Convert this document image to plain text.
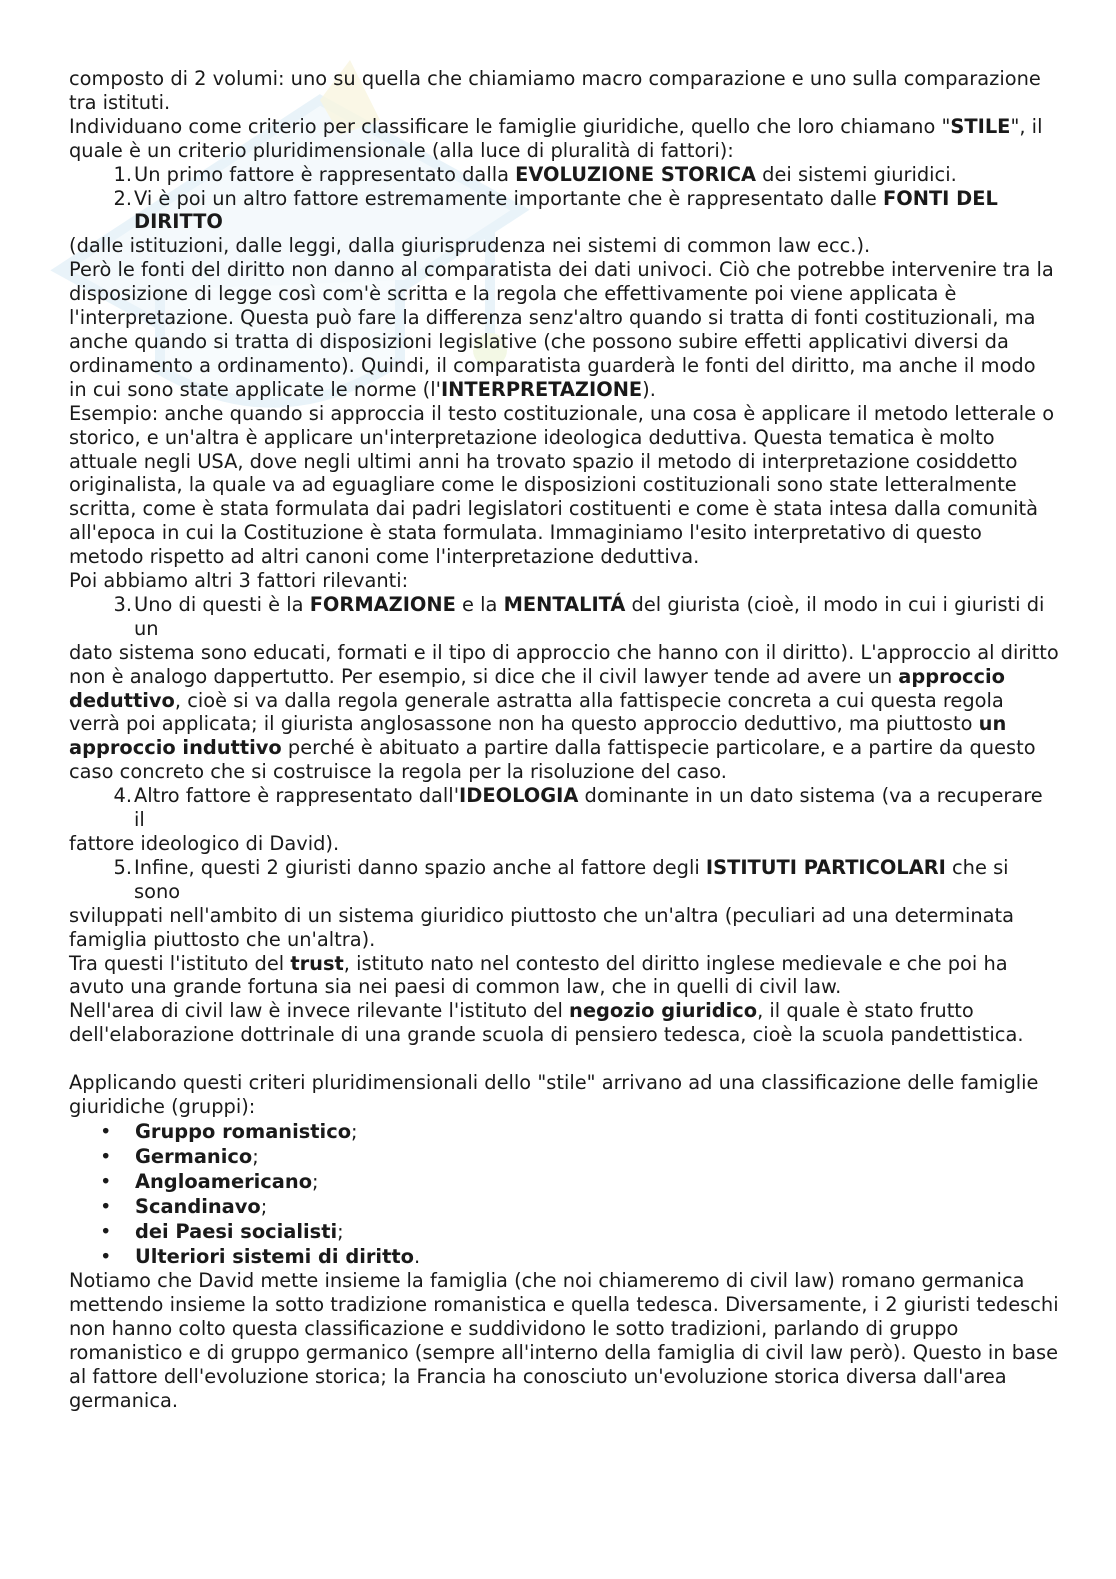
composto di 2 volumi: uno su quella che chiamiamo macro comparazione e uno sulla comparazione tra istituti.

Individuano come criterio per classificare le famiglie giuridiche, quello che loro chiamano "STILE", il quale è un criterio pluridimensionale (alla luce di pluralità di fattori):

1. Un primo fattore è rappresentato dalla EVOLUZIONE STORICA dei sistemi giuridici.
2. Vi è poi un altro fattore estremamente importante che è rappresentato dalle FONTI DEL DIRITTO

(dalle istituzioni, dalle leggi, dalla giurisprudenza nei sistemi di common law ecc.).

Però le fonti del diritto non danno al comparatista dei dati univoci. Ciò che potrebbe intervenire tra la disposizione di legge così com'è scritta e la regola che effettivamente poi viene applicata è l'interpretazione. Questa può fare la differenza senz'altro quando si tratta di fonti costituzionali, ma anche quando si tratta di disposizioni legislative (che possono subire effetti applicativi diversi da ordinamento a ordinamento). Quindi, il comparatista guarderà le fonti del diritto, ma anche il modo in cui sono state applicate le norme (l'INTERPRETAZIONE).

Esempio: anche quando si approccia il testo costituzionale, una cosa è applicare il metodo letterale o storico, e un'altra è applicare un'interpretazione ideologica deduttiva. Questa tematica è molto attuale negli USA, dove negli ultimi anni ha trovato spazio il metodo di interpretazione cosiddetto originalista, la quale va ad eguagliare come le disposizioni costituzionali sono state letteralmente scritta, come è stata formulata dai padri legislatori costituenti e come è stata intesa dalla comunità all'epoca in cui la Costituzione è stata formulata. Immaginiamo l'esito interpretativo di questo metodo rispetto ad altri canoni come l'interpretazione deduttiva.

Poi abbiamo altri 3 fattori rilevanti:

3. Uno di questi è la FORMAZIONE e la MENTALITÁ del giurista (cioè, il modo in cui i giuristi di un

dato sistema sono educati, formati e il tipo di approccio che hanno con il diritto). L'approccio al diritto non è analogo dappertutto. Per esempio, si dice che il civil lawyer tende ad avere un approccio deduttivo, cioè si va dalla regola generale astratta alla fattispecie concreta a cui questa regola verrà poi applicata; il giurista anglosassone non ha questo approccio deduttivo, ma piuttosto un approccio induttivo perché è abituato a partire dalla fattispecie particolare, e a partire da questo caso concreto che si costruisce la regola per la risoluzione del caso.

4. Altro fattore è rappresentato dall'IDEOLOGIA dominante in un dato sistema (va a recuperare il

fattore ideologico di David).

5. Infine, questi 2 giuristi danno spazio anche al fattore degli ISTITUTI PARTICOLARI che si sono

sviluppati nell'ambito di un sistema giuridico piuttosto che un'altra (peculiari ad una determinata famiglia piuttosto che un'altra).

Tra questi l'istituto del trust, istituto nato nel contesto del diritto inglese medievale e che poi ha avuto una grande fortuna sia nei paesi di common law, che in quelli di civil law.

Nell'area di civil law è invece rilevante l'istituto del negozio giuridico, il quale è stato frutto dell'elaborazione dottrinale di una grande scuola di pensiero tedesca, cioè la scuola pandettistica.

Applicando questi criteri pluridimensionali dello "stile" arrivano ad una classificazione delle famiglie giuridiche (gruppi):

•	Gruppo romanistico;
•	Germanico;
•	Angloamericano;
•	Scandinavo;
•	dei Paesi socialisti;
•	Ulteriori sistemi di diritto.

Notiamo che David mette insieme la famiglia (che noi chiameremo di civil law) romano germanica mettendo insieme la sotto tradizione romanistica e quella tedesca. Diversamente, i 2 giuristi tedeschi non hanno colto questa classificazione e suddividono le sotto tradizioni, parlando di gruppo romanistico e di gruppo germanico (sempre all'interno della famiglia di civil law però). Questo in base al fattore dell'evoluzione storica; la Francia ha conosciuto un'evoluzione storica diversa dall'area germanica.
